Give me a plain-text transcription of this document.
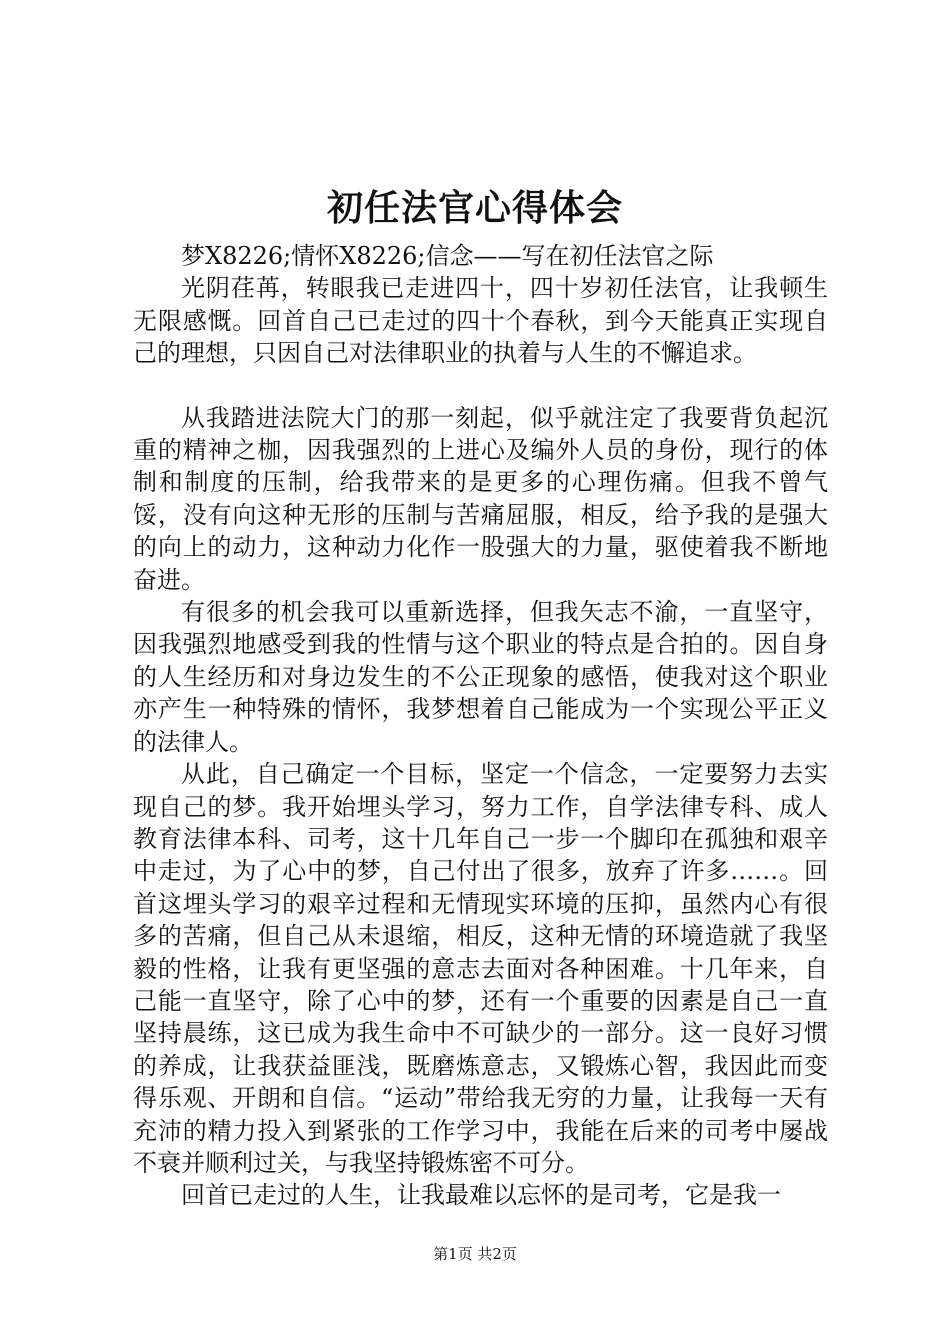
初任法官心得体会

梦X8226;情怀X8226;信念——写在初任法官之际

光阴荏苒，转眼我已走进四十，四十岁初任法官，让我顿生无限感慨。回首自己已走过的四十个春秋，到今天能真正实现自己的理想，只因自己对法律职业的执着与人生的不懈追求。

从我踏进法院大门的那一刻起，似乎就注定了我要背负起沉重的精神之枷，因我强烈的上进心及编外人员的身份，现行的体制和制度的压制，给我带来的是更多的心理伤痛。但我不曾气馁，没有向这种无形的压制与苦痛屈服，相反，给予我的是强大的向上的动力，这种动力化作一股强大的力量，驱使着我不断地奋进。

有很多的机会我可以重新选择，但我矢志不渝，一直坚守，因我强烈地感受到我的性情与这个职业的特点是合拍的。因自身的人生经历和对身边发生的不公正现象的感悟，使我对这个职业亦产生一种特殊的情怀，我梦想着自己能成为一个实现公平正义的法律人。

从此，自己确定一个目标，坚定一个信念，一定要努力去实现自己的梦。我开始埋头学习，努力工作，自学法律专科、成人教育法律本科、司考，这十几年自己一步一个脚印在孤独和艰辛中走过，为了心中的梦，自己付出了很多，放弃了许多……。回首这埋头学习的艰辛过程和无情现实环境的压抑，虽然内心有很多的苦痛，但自己从未退缩，相反，这种无情的环境造就了我坚毅的性格，让我有更坚强的意志去面对各种困难。十几年来，自己能一直坚守，除了心中的梦，还有一个重要的因素是自己一直坚持晨练，这已成为我生命中不可缺少的一部分。这一良好习惯的养成，让我获益匪浅，既磨炼意志，又锻炼心智，我因此而变得乐观、开朗和自信。“运动”带给我无穷的力量，让我每一天有充沛的精力投入到紧张的工作学习中，我能在后来的司考中屡战不衰并顺利过关，与我坚持锻炼密不可分。

回首已走过的人生，让我最难以忘怀的是司考，它是我一

第1页 共2页
